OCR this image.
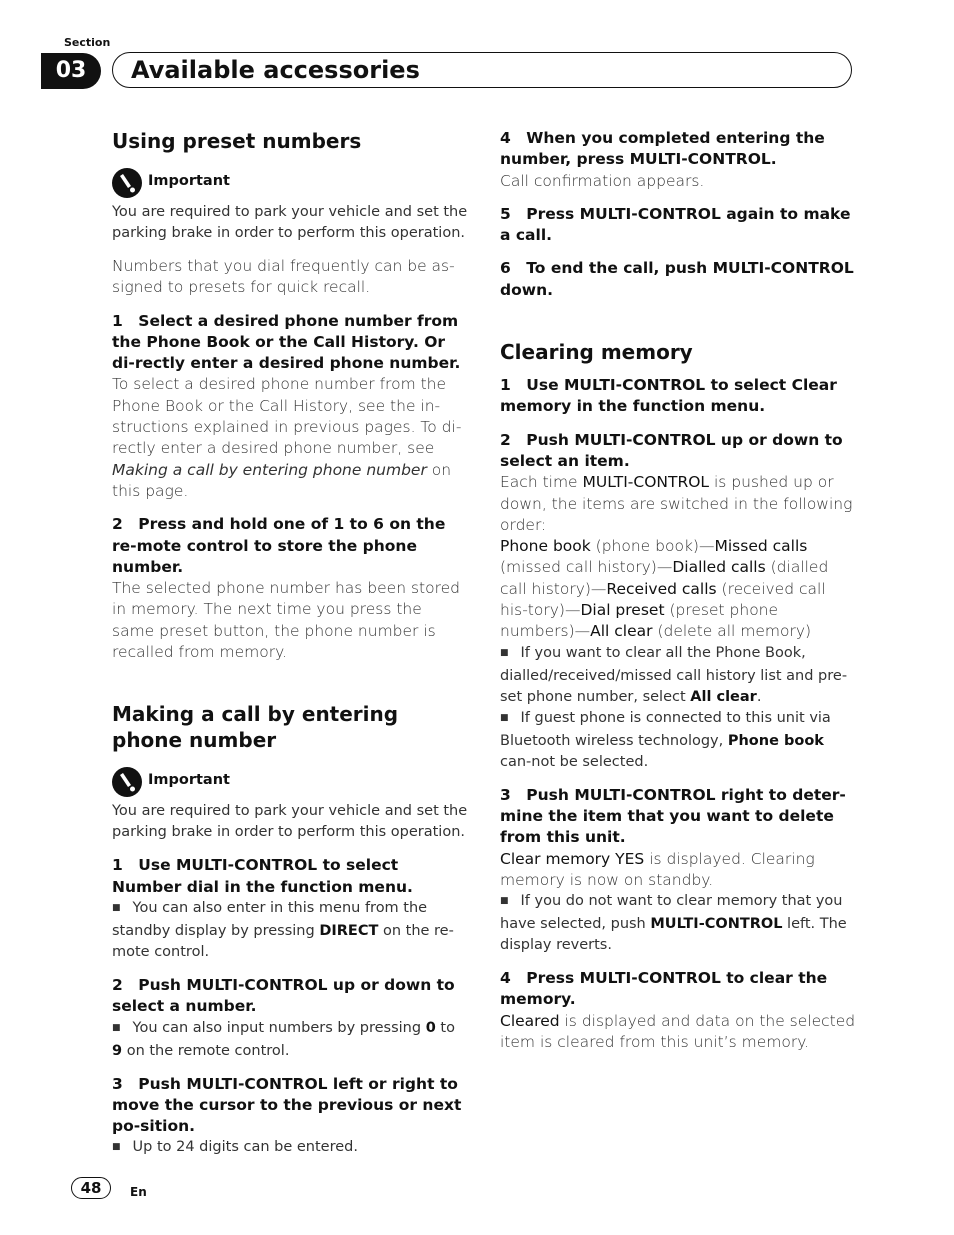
Section
03	Available accessories
Using preset numbers
Important

You are required to park your vehicle and set the parking brake in order to perform this operation.

Numbers that you dial frequently can be as-signed to presets for quick recall.

1 Select a desired phone number from the Phone Book or the Call History. Or di-rectly enter a desired phone number.

To select a desired phone number from the Phone Book or the Call History, see the in-structions explained in previous pages. To di-rectly enter a desired phone number, see Making a call by entering phone number on this page.

2 Press and hold one of 1 to 6 on the re-mote control to store the phone number.

The selected phone number has been stored in memory. The next time you press the same preset button, the phone number is recalled from memory.

Making a call by entering phone number
Important

You are required to park your vehicle and set the parking brake in order to perform this operation.

1 Use MULTI-CONTROL to select Number dial in the function menu.

■ You can also enter in this menu from the standby display by pressing DIRECT on the re-mote control.

2 Push MULTI-CONTROL up or down to select a number.

■ You can also input numbers by pressing 0 to 9 on the remote control.

3 Push MULTI-CONTROL left or right to move the cursor to the previous or next po-sition.

■ Up to 24 digits can be entered.

4 When you completed entering the number, press MULTI-CONTROL.

Call confirmation appears.

5 Press MULTI-CONTROL again to make a call.

6 To end the call, push MULTI-CONTROL down.

Clearing memory

1 Use MULTI-CONTROL to select Clear memory in the function menu.

2 Push MULTI-CONTROL up or down to select an item.

Each time MULTI-CONTROL is pushed up or down, the items are switched in the following order:

Phone book (phone book)—Missed calls (missed call history)—Dialled calls (dialled call history)—Received calls (received call his-tory)—Dial preset (preset phone numbers)—All clear (delete all memory)

■ If you want to clear all the Phone Book, dialled/received/missed call history list and pre-set phone number, select All clear.

■ If guest phone is connected to this unit via Bluetooth wireless technology, Phone book can-not be selected.

3 Push MULTI-CONTROL right to deter-mine the item that you want to delete from this unit.

Clear memory YES is displayed. Clearing memory is now on standby.

■ If you do not want to clear memory that you have selected, push MULTI-CONTROL left. The display reverts.

4 Press MULTI-CONTROL to clear the memory.

Cleared is displayed and data on the selected item is cleared from this unit’s memory.

48	En
